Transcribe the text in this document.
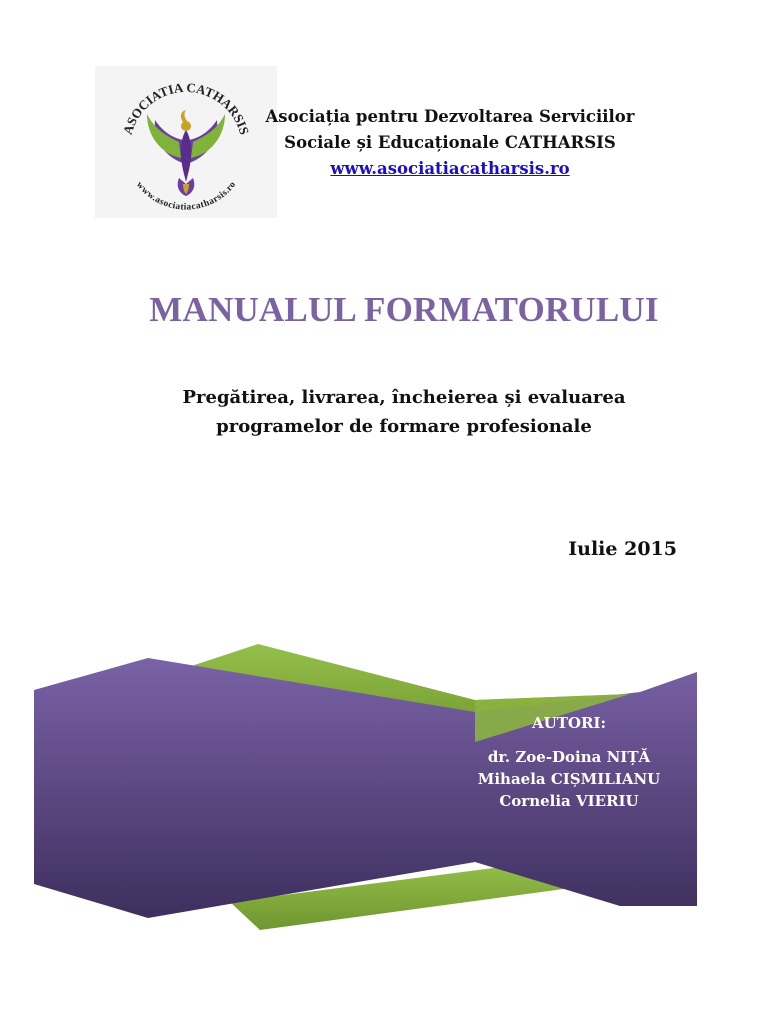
ASOCIATIA CATHARSIS
www.asociatiacatharsis.ro
Asociația pentru Dezvoltarea Serviciilor
Sociale și Educaționale CATHARSIS
www.asociatiacatharsis.ro
MANUALUL FORMATORULUI
Pregătirea, livrarea, încheierea și evaluarea
programelor de formare profesionale
Iulie 2015
AUTORI:
dr. Zoe-Doina NIȚĂ
Mihaela CIȘMILIANU
Cornelia VIERIU
